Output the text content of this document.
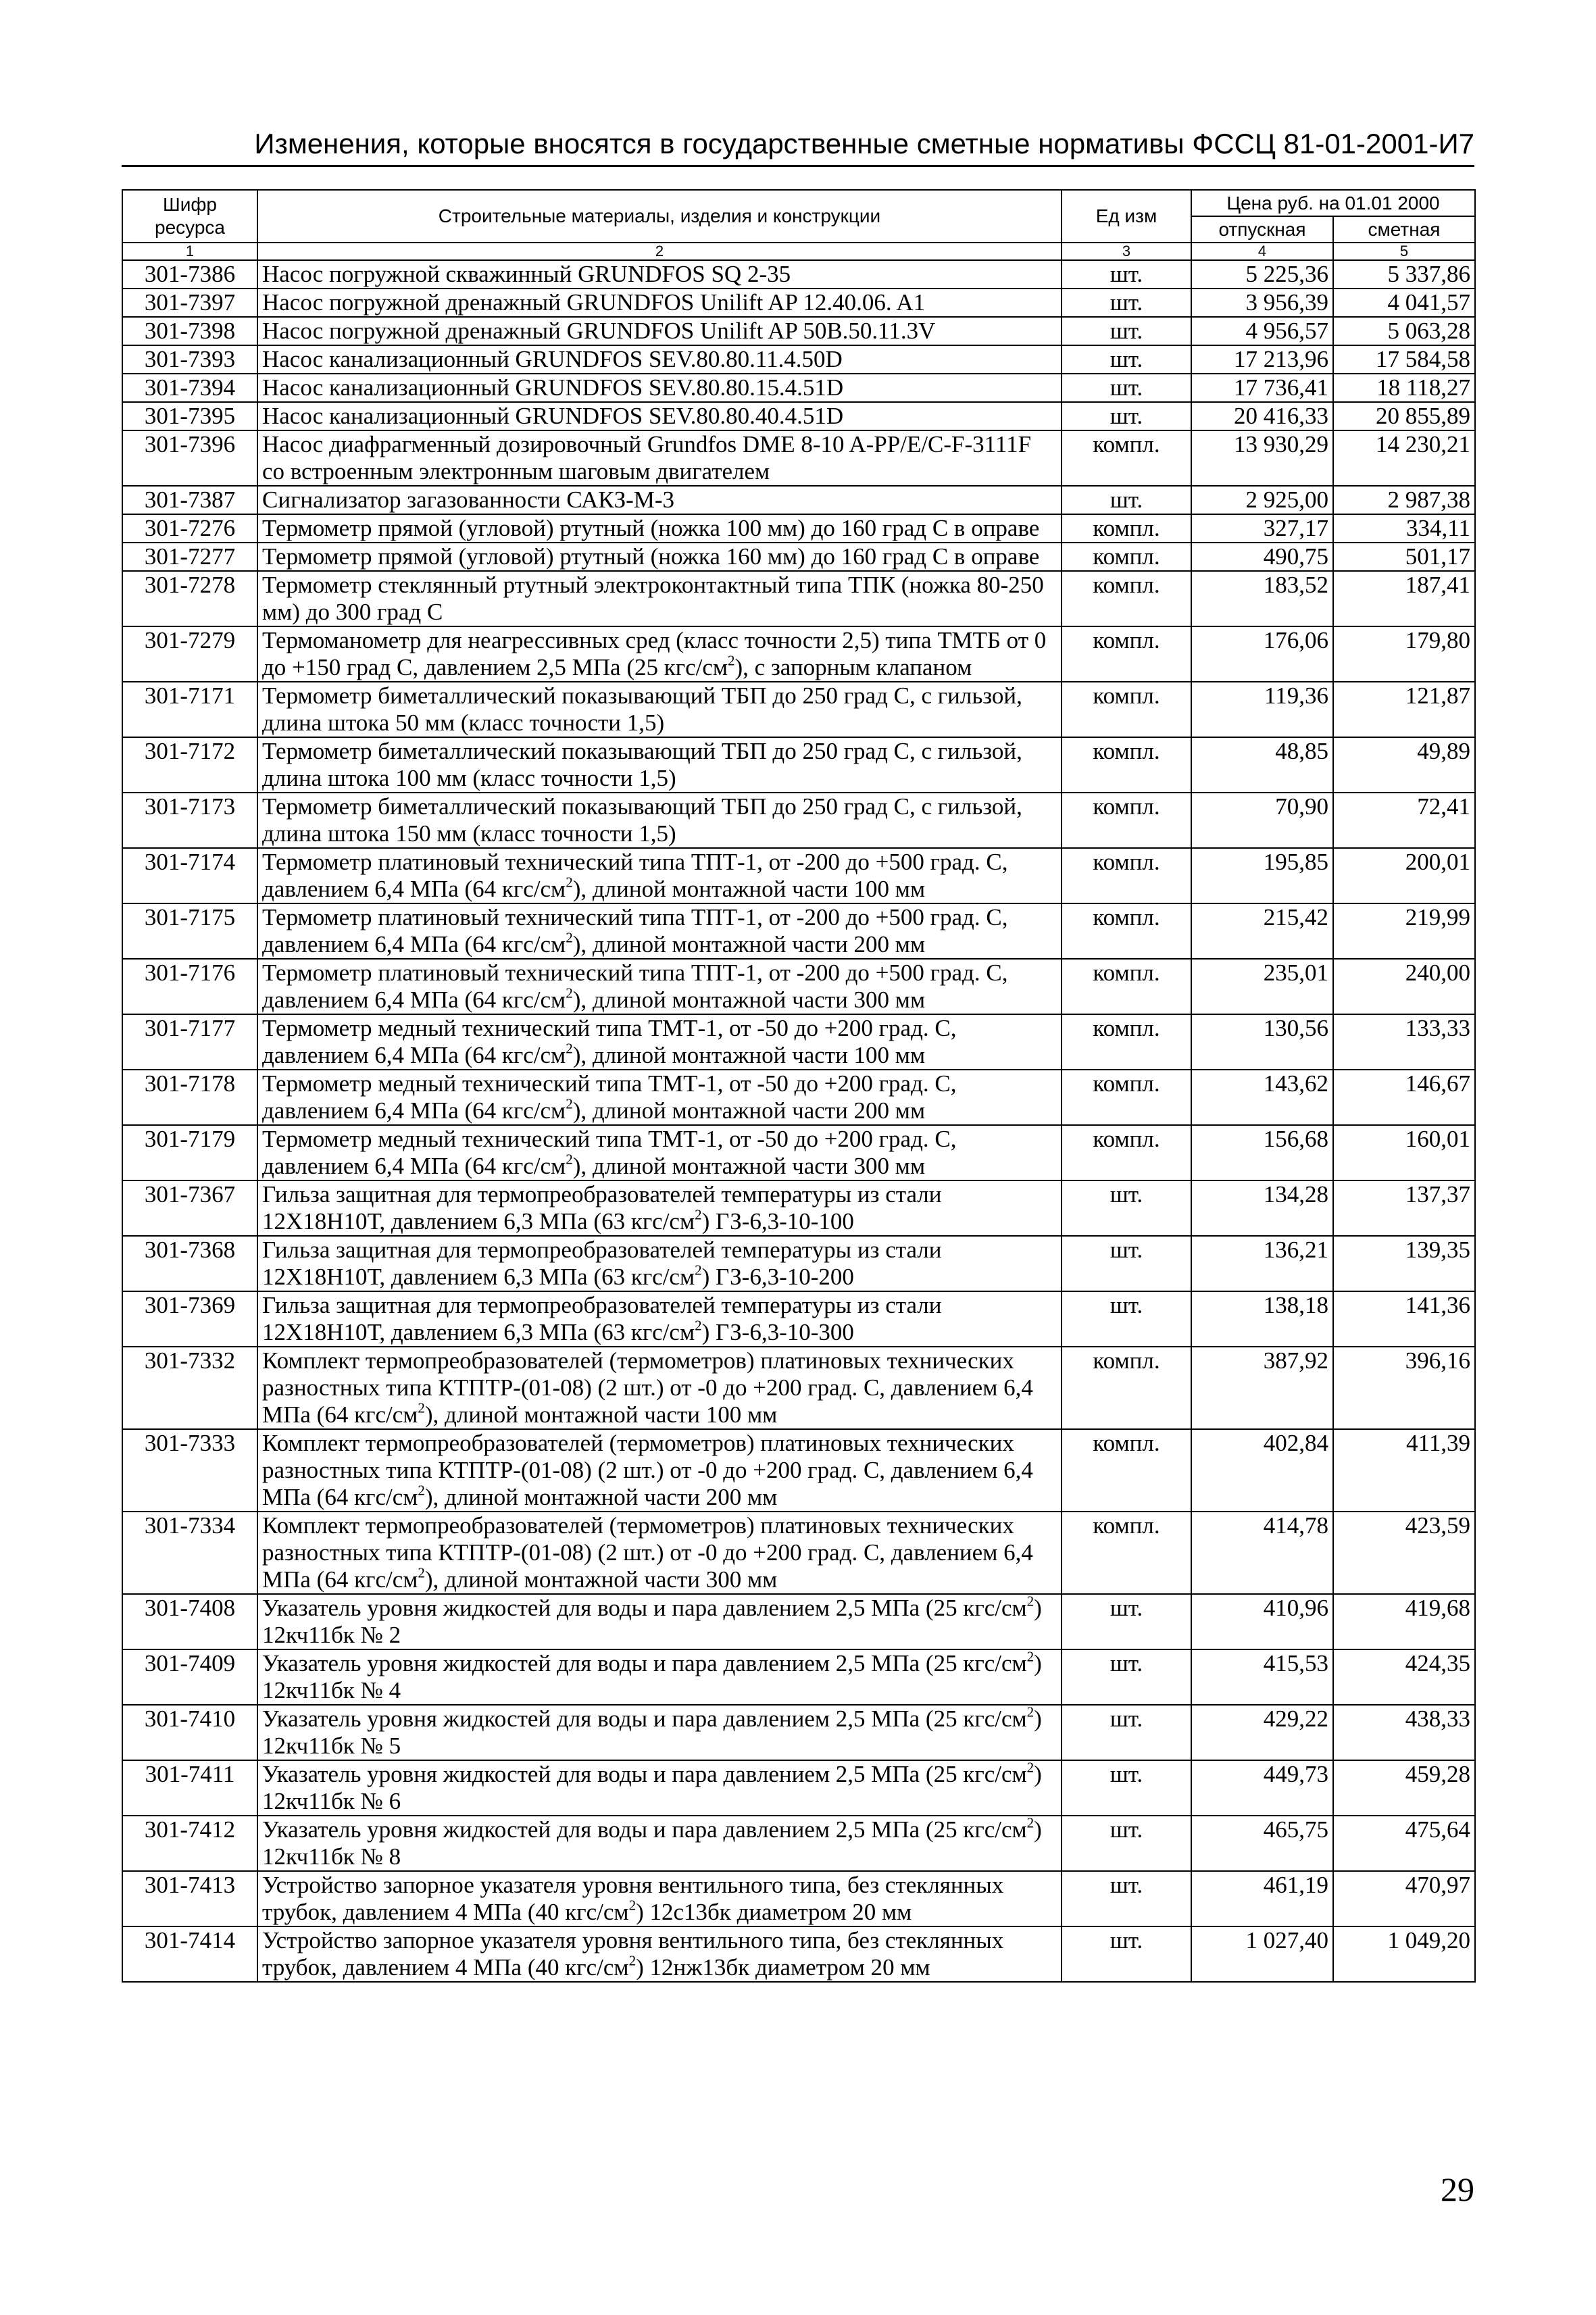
Изменения, которые вносятся в государственные сметные нормативы ФССЦ 81-01-2001-И7
Шифр ресурса	Строительные материалы, изделия и конструкции	Ед изм	Цена руб. на 01.01 2000	
			отпускная	сметная
1	2	3	4	5
301-7386	Насос погружной скважинный GRUNDFOS SQ 2-35	шт.	5 225,36	5 337,86
301-7397	Насос погружной дренажный GRUNDFOS Unilift AP 12.40.06. A1	шт.	3 956,39	4 041,57
301-7398	Насос погружной дренажный GRUNDFOS Unilift AP 50B.50.11.3V	шт.	4 956,57	5 063,28
301-7393	Насос канализационный GRUNDFOS SEV.80.80.11.4.50D	шт.	17 213,96	17 584,58
301-7394	Насос канализационный GRUNDFOS SEV.80.80.15.4.51D	шт.	17 736,41	18 118,27
301-7395	Насос канализационный GRUNDFOS SEV.80.80.40.4.51D	шт.	20 416,33	20 855,89
301-7396	Насос диафрагменный дозировочный Grundfos DME 8-10 A-PP/E/C-F-3111F со встроенным электронным шаговым двигателем	компл.	13 930,29	14 230,21
301-7387	Сигнализатор загазованности САКЗ-М-3	шт.	2 925,00	2 987,38
301-7276	Термометр прямой (угловой) ртутный (ножка 100 мм) до 160 град С в оправе	компл.	327,17	334,11
301-7277	Термометр прямой (угловой) ртутный (ножка 160 мм) до 160 град С в оправе	компл.	490,75	501,17
301-7278	Термометр стеклянный ртутный электроконтактный типа ТПК (ножка 80-250 мм) до 300 град С	компл.	183,52	187,41
301-7279	Термоманометр для неагрессивных сред (класс точности 2,5) типа ТМТБ от 0 до +150 град С, давлением 2,5 МПа (25 кгс/$см^2$), с запорным клапаном	компл.	176,06	179,80
301-7171	Термометр биметаллический показывающий ТБП до 250 град С, с гильзой, длина штока 50 мм (класс точности 1,5)	компл.	119,36	121,87
301-7172	Термометр биметаллический показывающий ТБП до 250 град С, с гильзой, длина штока 100 мм (класс точности 1,5)	компл.	48,85	49,89
301-7173	Термометр биметаллический показывающий ТБП до 250 град С, с гильзой, длина штока 150 мм (класс точности 1,5)	компл.	70,90	72,41
301-7174	Термометр платиновый технический типа ТПТ-1, от -200 до +500 град. С, давлением 6,4 МПа (64 кгс/$см^2$), длиной монтажной части 100 мм	компл.	195,85	200,01
301-7175	Термометр платиновый технический типа ТПТ-1, от -200 до +500 град. С, давлением 6,4 МПа (64 кгс/$см^2$), длиной монтажной части 200 мм	компл.	215,42	219,99
301-7176	Термометр платиновый технический типа ТПТ-1, от -200 до +500 град. С, давлением 6,4 МПа (64 кгс/$см^2$), длиной монтажной части 300 мм	компл.	235,01	240,00
301-7177	Термометр медный технический типа ТМТ-1, от -50 до +200 град. С, давлением 6,4 МПа (64 кгс/$см^2$), длиной монтажной части 100 мм	компл.	130,56	133,33
301-7178	Термометр медный технический типа ТМТ-1, от -50 до +200 град. С, давлением 6,4 МПа (64 кгс/$см^2$), длиной монтажной части 200 мм	компл.	143,62	146,67
301-7179	Термометр медный технический типа ТМТ-1, от -50 до +200 град. С, давлением 6,4 МПа (64 кгс/$см^2$), длиной монтажной части 300 мм	компл.	156,68	160,01
301-7367	Гильза защитная для термопреобразователей температуры из стали 12Х18Н10Т, давлением 6,3 МПа (63 кгс/$см^2$) ГЗ-6,3-10-100	шт.	134,28	137,37
301-7368	Гильза защитная для термопреобразователей температуры из стали 12Х18Н10Т, давлением 6,3 МПа (63 кгс/$см^2$) ГЗ-6,3-10-200	шт.	136,21	139,35
301-7369	Гильза защитная для термопреобразователей температуры из стали 12Х18Н10Т, давлением 6,3 МПа (63 кгс/$см^2$) ГЗ-6,3-10-300	шт.	138,18	141,36
301-7332	Комплект термопреобразователей (термометров) платиновых технических разностных типа КТПТР-(01-08) (2 шт.) от -0 до +200 град. С, давлением 6,4 МПа (64 кгс/$см^2$), длиной монтажной части 100 мм	компл.	387,92	396,16
301-7333	Комплект термопреобразователей (термометров) платиновых технических разностных типа КТПТР-(01-08) (2 шт.) от -0 до +200 град. С, давлением 6,4 МПа (64 кгс/$см^2$), длиной монтажной части 200 мм	компл.	402,84	411,39
301-7334	Комплект термопреобразователей (термометров) платиновых технических разностных типа КТПТР-(01-08) (2 шт.) от -0 до +200 град. С, давлением 6,4 МПа (64 кгс/$см^2$), длиной монтажной части 300 мм	компл.	414,78	423,59
301-7408	Указатель уровня жидкостей для воды и пара давлением 2,5 МПа (25 кгс/$см^2$) 12кч11бк № 2	шт.	410,96	419,68
301-7409	Указатель уровня жидкостей для воды и пара давлением 2,5 МПа (25 кгс/$см^2$) 12кч11бк № 4	шт.	415,53	424,35
301-7410	Указатель уровня жидкостей для воды и пара давлением 2,5 МПа (25 кгс/$см^2$) 12кч11бк № 5	шт.	429,22	438,33
301-7411	Указатель уровня жидкостей для воды и пара давлением 2,5 МПа (25 кгс/$см^2$) 12кч11бк № 6	шт.	449,73	459,28
301-7412	Указатель уровня жидкостей для воды и пара давлением 2,5 МПа (25 кгс/$см^2$) 12кч11бк № 8	шт.	465,75	475,64
301-7413	Устройство запорное указателя уровня вентильного типа, без стеклянных трубок, давлением 4 МПа (40 кгс/$см^2$) 12с13бк диаметром 20 мм	шт.	461,19	470,97
301-7414	Устройство запорное указателя уровня вентильного типа, без стеклянных трубок, давлением 4 МПа (40 кгс/$см^2$) 12нж13бк диаметром 20 мм	шт.	1 027,40	1 049,20
29
